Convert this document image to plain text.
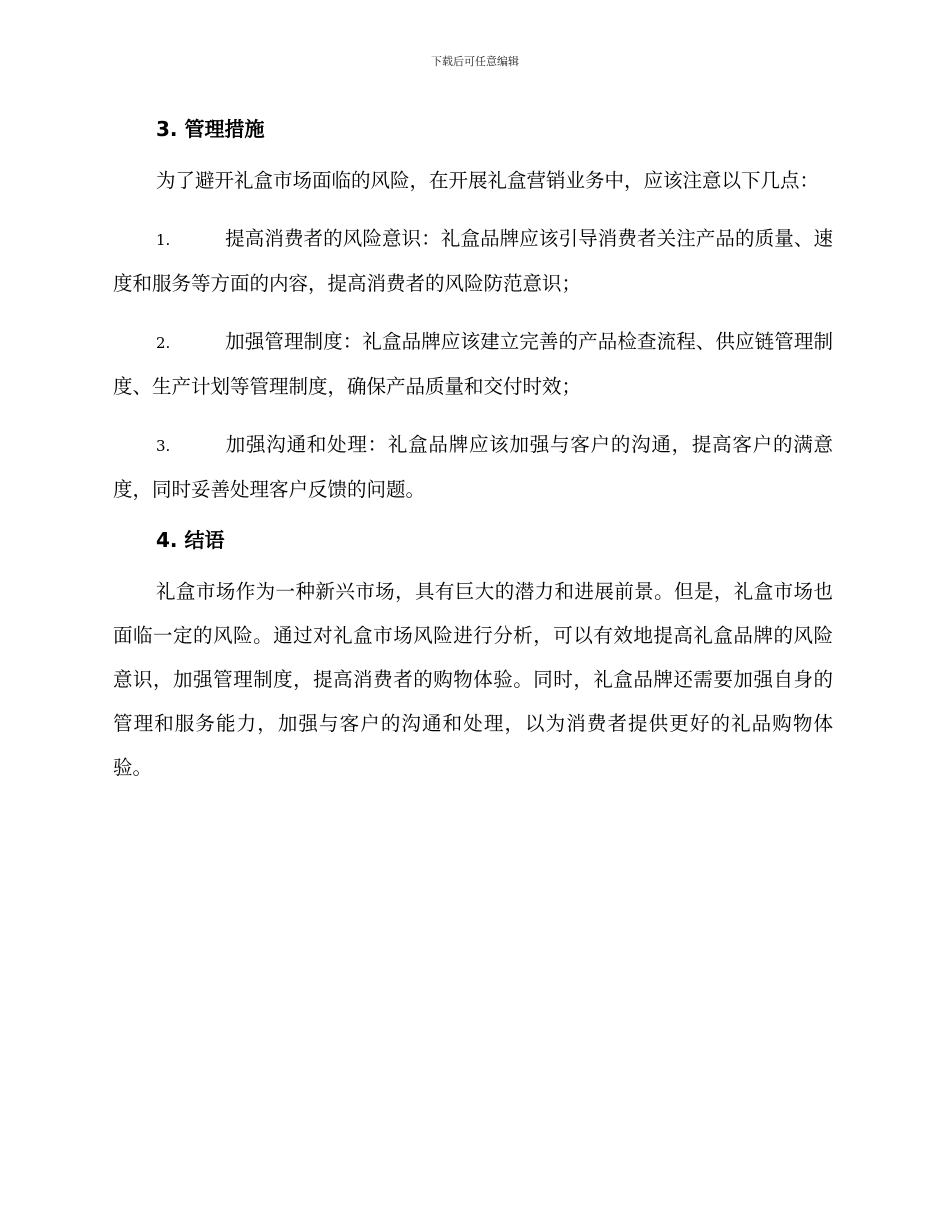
下载后可任意编辑
3. 管理措施

为了避开礼盒市场面临的风险，在开展礼盒营销业务中，应该注意以下几点：

1.	提高消费者的风险意识：礼盒品牌应该引导消费者关注产品的质量、速度和服务等方面的内容，提高消费者的风险防范意识；

2.	加强管理制度：礼盒品牌应该建立完善的产品检查流程、供应链管理制度、生产计划等管理制度，确保产品质量和交付时效；

3.	加强沟通和处理：礼盒品牌应该加强与客户的沟通，提高客户的满意度，同时妥善处理客户反馈的问题。

4. 结语

礼盒市场作为一种新兴市场，具有巨大的潜力和进展前景。但是，礼盒市场也面临一定的风险。通过对礼盒市场风险进行分析，可以有效地提高礼盒品牌的风险意识，加强管理制度，提高消费者的购物体验。同时，礼盒品牌还需要加强自身的管理和服务能力，加强与客户的沟通和处理，以为消费者提供更好的礼品购物体验。
